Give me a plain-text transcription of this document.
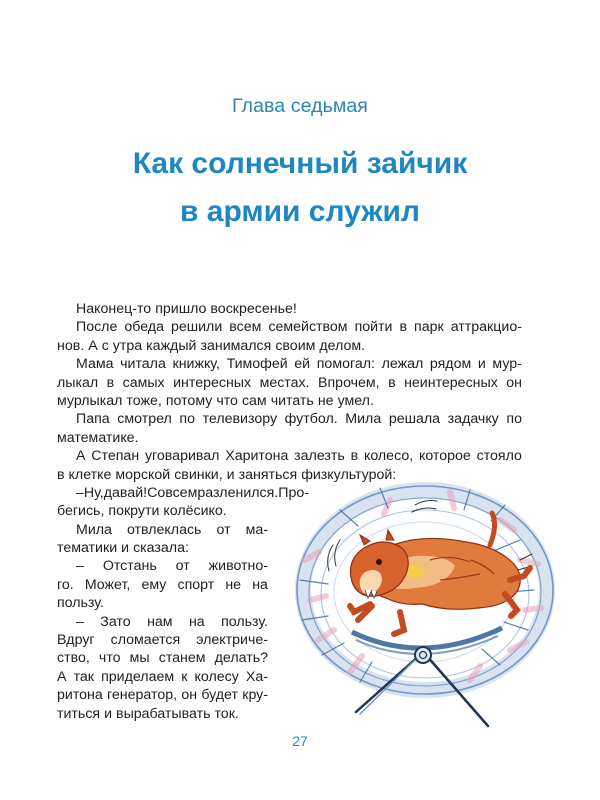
Глава седьмая
Как солнечный зайчик
в армии служил
Наконец-то пришло воскресенье!
После обеда решили всем семейством пойти в парк аттракцио-
нов. А с утра каждый занимался своим делом.
Мама читала книжку, Тимофей ей помогал: лежал рядом и мур-
лыкал в самых интересных местах. Впрочем, в неинтересных он
мурлыкал тоже, потому что сам читать не умел.
Папа смотрел по телевизору футбол. Мила решала задачку по
математике.
А Степан уговаривал Харитона залезть в колесо, которое стояло
в клетке морской свинки, и заняться физкультурой:
– Ну, давай! Совсем разленился. Про-
бегись, покрути колёсико.
Мила отвлеклась от ма-
тематики и сказала:
– Отстань от животно-
го. Может, ему спорт не на
пользу.
– Зато нам на пользу.
Вдруг сломается электриче-
ство, что мы станем делать?
А так приделаем к колесу Ха-
ритона генератор, он будет кру-
титься и вырабатывать ток.
27
